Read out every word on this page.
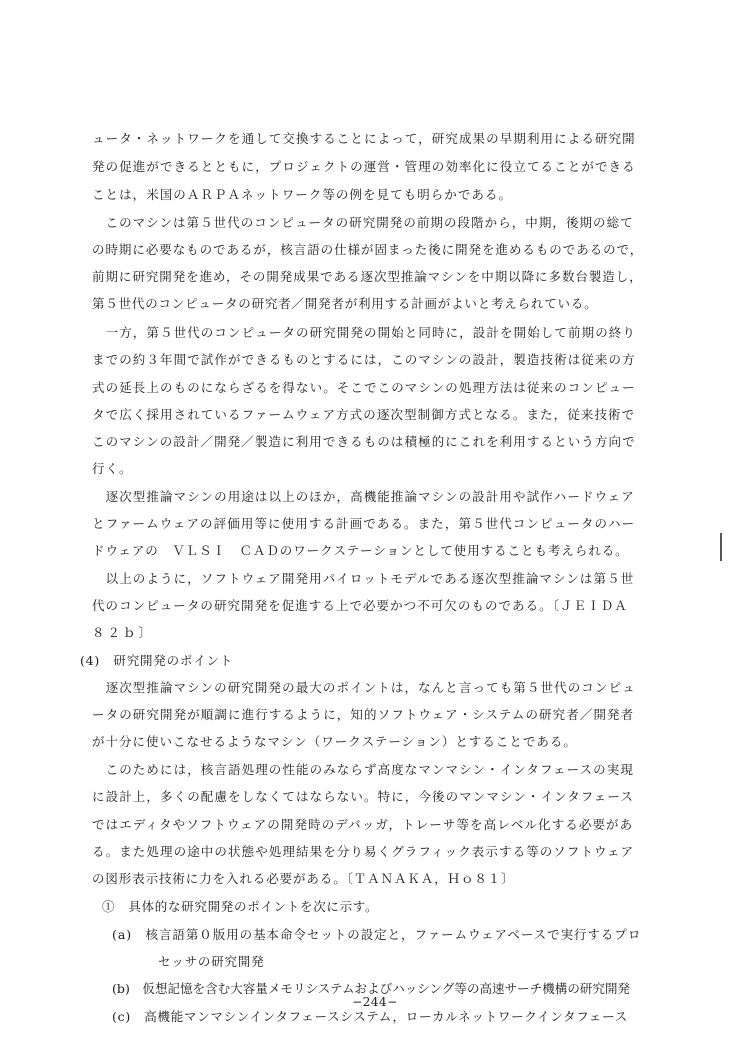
ュータ・ネットワークを通して交換することによって，研究成果の早期利用による研究開

発の促進ができるとともに，プロジェクトの運営・管理の効率化に役立てることができる

ことは，米国のＡＲＰＡネットワーク等の例を見ても明らかである。

　このマシンは第５世代のコンピュータの研究開発の前期の段階から，中期，後期の総て

の時期に必要なものであるが，核言語の仕様が固まった後に開発を進めるものであるので，

前期に研究開発を進め，その開発成果である逐次型推論マシンを中期以降に多数台製造し，

第５世代のコンピュータの研究者／開発者が利用する計画がよいと考えられている。

　一方，第５世代のコンピュータの研究開発の開始と同時に，設計を開始して前期の終り

までの約３年間で試作ができるものとするには，このマシンの設計，製造技術は従来の方

式の延長上のものにならざるを得ない。そこでこのマシンの処理方法は従来のコンピュー

タで広く採用されているファームウェア方式の逐次型制御方式となる。また，従来技術で

このマシンの設計／開発／製造に利用できるものは積極的にこれを利用するという方向で

行く。

　逐次型推論マシンの用途は以上のほか，高機能推論マシンの設計用や試作ハードウェア

とファームウェアの評価用等に使用する計画である。また，第５世代コンピュータのハー

ドウェアの　ＶＬＳＩ　ＣＡＤのワークステーションとして使用することも考えられる。

　以上のように，ソフトウェア開発用パイロットモデルである逐次型推論マシンは第５世

代のコンピュータの研究開発を促進する上で必要かつ不可欠のものである。〔ＪＥＩＤＡ

８２ｂ〕

(4)　研究開発のポイント

　逐次型推論マシンの研究開発の最大のポイントは，なんと言っても第５世代のコンピュ

ータの研究開発が順調に進行するように，知的ソフトウェア・システムの研究者／開発者

が十分に使いこなせるようなマシン（ワークステーション）とすることである。

　このためには，核言語処理の性能のみならず高度なマンマシン・インタフェースの実現

に設計上，多くの配慮をしなくてはならない。特に，今後のマンマシン・インタフェース

ではエディタやソフトウェアの開発時のデバッガ，トレーサ等を高レベル化する必要があ

る。また処理の途中の状態や処理結果を分り易くグラフィック表示する等のソフトウェア

の図形表示技術に力を入れる必要がある。〔ＴＡＮＡＫＡ，Ｈｏ８１〕

①　具体的な研究開発のポイントを次に示す。

(a)　核言語第０版用の基本命令セットの設定と，ファームウェアベースで実行するプロ

セッサの研究開発

(b)　仮想記憶を含む大容量メモリシステムおよびハッシング等の高速サーチ機構の研究開発

(c)　高機能マンマシンインタフェースシステム，ローカルネットワークインタフェース

−244−
